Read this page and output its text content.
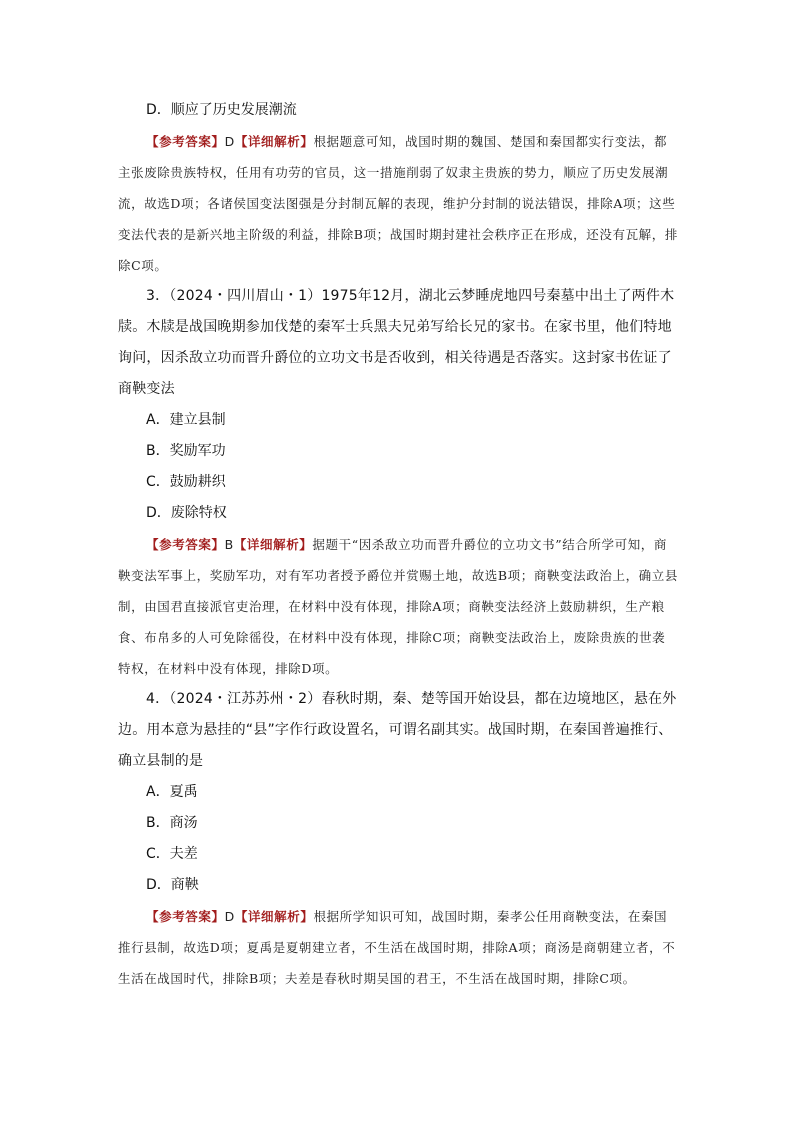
D．顺应了历史发展潮流

【参考答案】D【详细解析】根据题意可知，战国时期的魏国、楚国和秦国都实行变法，都主张废除贵族特权，任用有功劳的官员，这一措施削弱了奴隶主贵族的势力，顺应了历史发展潮流，故选D项；各诸侯国变法图强是分封制瓦解的表现，维护分封制的说法错误，排除A项；这些变法代表的是新兴地主阶级的利益，排除B项；战国时期封建社会秩序正在形成，还没有瓦解，排除C项。

3．（2024・四川眉山・1）1975年12月，湖北云梦睡虎地四号秦墓中出土了两件木牍。木牍是战国晚期参加伐楚的秦军士兵黑夫兄弟写给长兄的家书。在家书里，他们特地询问，因杀敌立功而晋升爵位的立功文书是否收到，相关待遇是否落实。这封家书佐证了商鞅变法

A．建立县制
B．奖励军功
C．鼓励耕织
D．废除特权

【参考答案】B【详细解析】据题干“因杀敌立功而晋升爵位的立功文书”结合所学可知，商鞅变法军事上，奖励军功，对有军功者授予爵位并赏赐土地，故选B项；商鞅变法政治上，确立县制，由国君直接派官吏治理，在材料中没有体现，排除A项；商鞅变法经济上鼓励耕织，生产粮食、布帛多的人可免除徭役，在材料中没有体现，排除C项；商鞅变法政治上，废除贵族的世袭特权，在材料中没有体现，排除D项。

4．（2024・江苏苏州・2）春秋时期，秦、楚等国开始设县，都在边境地区，悬在外边。用本意为悬挂的“县”字作行政设置名，可谓名副其实。战国时期，在秦国普遍推行、确立县制的是

A．夏禹
B．商汤
C．夫差
D．商鞅

【参考答案】D【详细解析】根据所学知识可知，战国时期，秦孝公任用商鞅变法，在秦国推行县制，故选D项；夏禹是夏朝建立者，不生活在战国时期，排除A项；商汤是商朝建立者，不生活在战国时代，排除B项；夫差是春秋时期吴国的君王，不生活在战国时期，排除C项。
